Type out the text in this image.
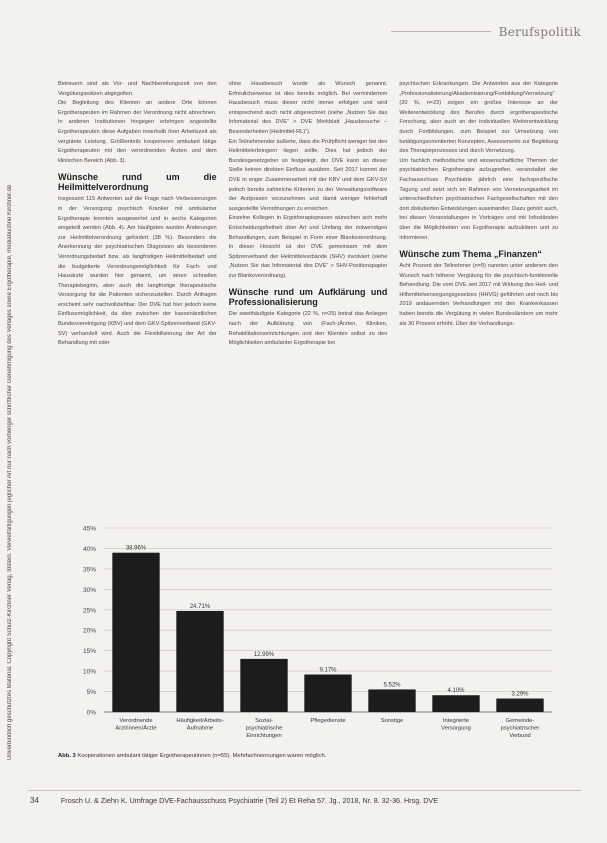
Berufspolitik
Unverbindlich geschütztes Material. Copyright Schulz-Kirchner Verlag, Idstein. Vervielfältigungen jeglicher Art nur nach vorheriger schriftlicher Genehmigung des Verlages sowie Ergotherapie, mediabuchne Kirchner.de

Betreuern sind als Vor- und Nachbereitungszeit von den Vergütungssätzen abgegolten.

Die Begleitung des Klienten an andere Orte können Ergotherapeuten im Rahmen der Verordnung nicht abrechnen. In anderen Institutionen hingegen erbringen angestellte Ergotherapeuten diese Aufgaben innerhalb ihrer Arbeitszeit als vergütete Leistung. Größtenteils kooperieren ambulant tätige Ergotherapeuten mit den verordnenden Ärzten und dem klinischen Bereich (Abb. 3).

Wünsche rund um die Heilmittelverordnung

Insgesamt 115 Antworten auf die Frage nach Verbesserungen in der Versorgung psychisch Kranker mit ambulanter Ergotherapie konnten ausgewertet und in sechs Kategorien eingeteilt werden (Abb. 4). Am häufigsten wurden Änderungen zur Heilmittelverordnung gefordert (38 %). Besonders die Anerkennung der psychiatrischen Diagnosen als besonderen Verordnungsbedarf bzw. als langfristigen Heilmittelbedarf und die budgetierte Verordnungsmöglichkeit für Fach- und Hausärzte wurden hier genannt, um einen schnellen Therapiebeginn, aber auch die langfristige therapeutische Versorgung für die Patienten sicherzustellen. Durch Anfragen erscheint sehr nachvollziehbar. Der DVE hat hier jedoch keine Einflussmöglichkeit, da dies zwischen der kassenärztlichen Bundesvereinigung (KBV) und dem GKV-Spitzenverband (GKV-SV) verhandelt wird. Auch die Flexibilisierung der Art der Behandlung mit oder

ohne Hausbesuch wurde als Wunsch genannt. Erfreulicherweise ist dies bereits möglich. Bei vermindertem Hausbesuch muss dieser nicht immer erfolgen und wird entsprechend auch nicht abgerechnet (siehe „Nutzen Sie das Infomaterial des DVE“ > DVE Merkblatt „Hausbesuche – Besonderheiten (Heilmittel-RL)“).

Ein Teilnehmender äußerte, dass die Prüfpflicht weniger bei den Heilmittelerbringern liegen sollte. Dies hat jedoch der Bundesgesetzgeber so festgelegt, der DVE kann an dieser Stelle keinen direkten Einfluss ausüben. Seit 2017 kommt der DVE in enger Zusammenarbeit mit der KBV und dem GKV-SV jedoch bereits zahlreiche Kriterien zu der Verwaltungssoftware der Arztpraxen vorzunehmen und damit weniger fehlerhaft ausgestellte Verordnungen zu erreichen.

Einzelne Kollegen in Ergotherapiepraxen wünschen sich mehr Entscheidungsfreiheit über Art und Umfang der notwendigen Behandlungen, zum Beispiel in Form einer Blankoverordnung. In dieser Hinsicht ist der DVE gemeinsam mit dem Spitzenverband der Heilmittelverbände (SHV) involviert (siehe „Nutzen Sie das Infomaterial des DVE“ > SHV-Positionspapier zur Blankoverordnung).

Wünsche rund um Aufklärung und Professionalisierung

Die zweithäufigste Kategorie (22 %, n=25) betraf das Anliegen nach der Aufklärung von (Fach-)Ärzten, Kliniken, Rehabilitationseinrichtungen und den Klienten selbst zu den Möglichkeiten ambulanter Ergotherapie bei

psychischen Erkrankungen. Die Antworten aus der Kategorie „Professionalisierung/Akademisierung/Fortbildung/Vernetzung“ (20 %, n=23) zeigen ein großes Interesse an der Weiterentwicklung des Berufes durch ergotherapeutische Forschung, aber auch an der individuellen Weiterentwicklung durch Fortbildungen, zum Beispiel zur Umsetzung von betätigungsorientierten Konzepten, Assessments zur Begleitung des Therapieprozesses und durch Vernetzung.

Um fachlich methodische und wissenschaftliche Themen der psychiatrischen Ergotherapie aufzugreifen, veranstaltet der Fachausschuss Psychiatrie jährlich eine fachspezifische Tagung und setzt sich im Rahmen von Vernetzungsarbeit im unterschiedlichen psychiatrischen Fachgesellschaften mit den dort diskutierten Entwicklungen auseinander. Dazu gehört auch, bei diesen Veranstaltungen in Vorträgen und mit Infoständen über die Möglichkeiten von Ergotherapie aufzuklären und zu informieren.

Wünsche zum Thema „Finanzen“

Acht Prozent der Teilnehmer (n=9) nannten unter anderem den Wunsch nach höherer Vergütung für die psychisch-funktionelle Behandlung. Die vom DVE seit 2017 mit Wirkung des Heil- und Hilfsmittelversorgungsgesetzes (HHVG) geführten und noch bis 2019 andauernden Verhandlungen mit den Krankenkassen haben bereits die Vergütung in vielen Bundesländern um mehr als 30 Prozent erhöht. Über die Verhandlungs-

0%
5%
10%
15%
20%
25%
30%
35%
40%
45%
38.96%
Verordnende
Arzt/innen/Ärzte
24.71%
Häufigkeit/Arbeits-
Aufnahme
12.99%
Sozial-
psychiatrische
Einrichtungen
9.17%
Pflegedienste
5.52%
Sonstige
4.10%
Integrierte
Versorgung
3.29%
Gemeinde-
psychiatrischer
Verbund
Abb. 3 Kooperationen ambulant tätiger Ergotherapeutinnen (n=55). Mehrfachnennungen waren möglich.
34	Frosch U. & Ziehn K. Umfrage DVE-Fachausschuss Psychiatrie (Teil 2) Et Reha 57. Jg., 2018, Nr. 8. 32-36. Hrsg. DVE
